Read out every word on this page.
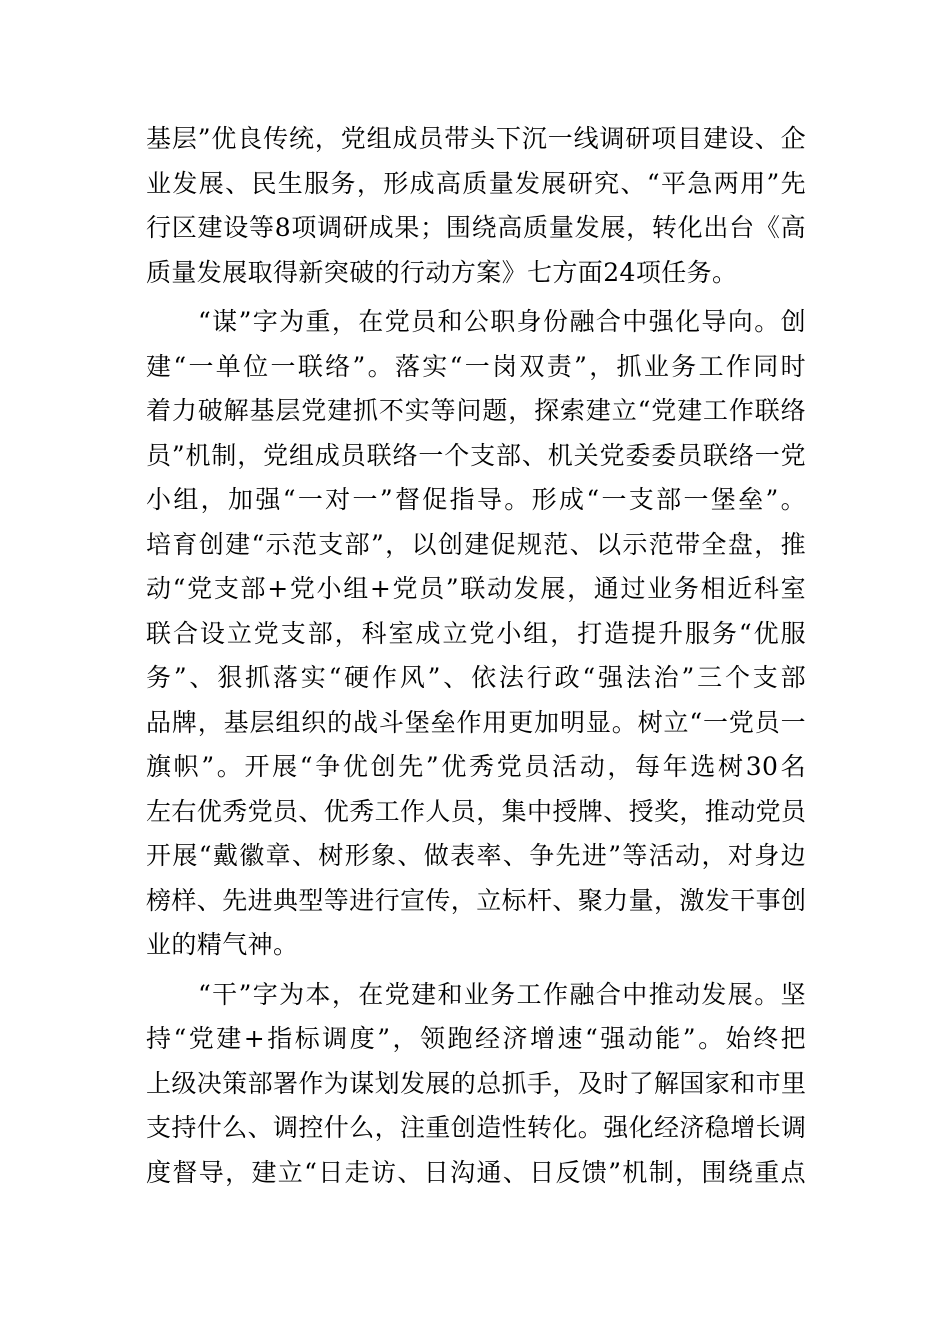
基层”优良传统，党组成员带头下沉一线调研项目建设、企
业发展、民生服务，形成高质量发展研究、“平急两用”先
行区建设等8项调研成果；围绕高质量发展，转化出台《高
质量发展取得新突破的行动方案》七方面24项任务。
“谋”字为重，在党员和公职身份融合中强化导向。创
建“一单位一联络”。落实“一岗双责”，抓业务工作同时
着力破解基层党建抓不实等问题，探索建立“党建工作联络
员”机制，党组成员联络一个支部、机关党委委员联络一党
小组，加强“一对一”督促指导。形成“一支部一堡垒”。
培育创建“示范支部”，以创建促规范、以示范带全盘，推
动“党支部+党小组+党员”联动发展，通过业务相近科室
联合设立党支部，科室成立党小组，打造提升服务“优服
务”、狠抓落实“硬作风”、依法行政“强法治”三个支部
品牌，基层组织的战斗堡垒作用更加明显。树立“一党员一
旗帜”。开展“争优创先”优秀党员活动，每年选树30名
左右优秀党员、优秀工作人员，集中授牌、授奖，推动党员
开展“戴徽章、树形象、做表率、争先进”等活动，对身边
榜样、先进典型等进行宣传，立标杆、聚力量，激发干事创
业的精气神。
“干”字为本，在党建和业务工作融合中推动发展。坚
持“党建+指标调度”，领跑经济增速“强动能”。始终把
上级决策部署作为谋划发展的总抓手，及时了解国家和市里
支持什么、调控什么，注重创造性转化。强化经济稳增长调
度督导，建立“日走访、日沟通、日反馈”机制，围绕重点
